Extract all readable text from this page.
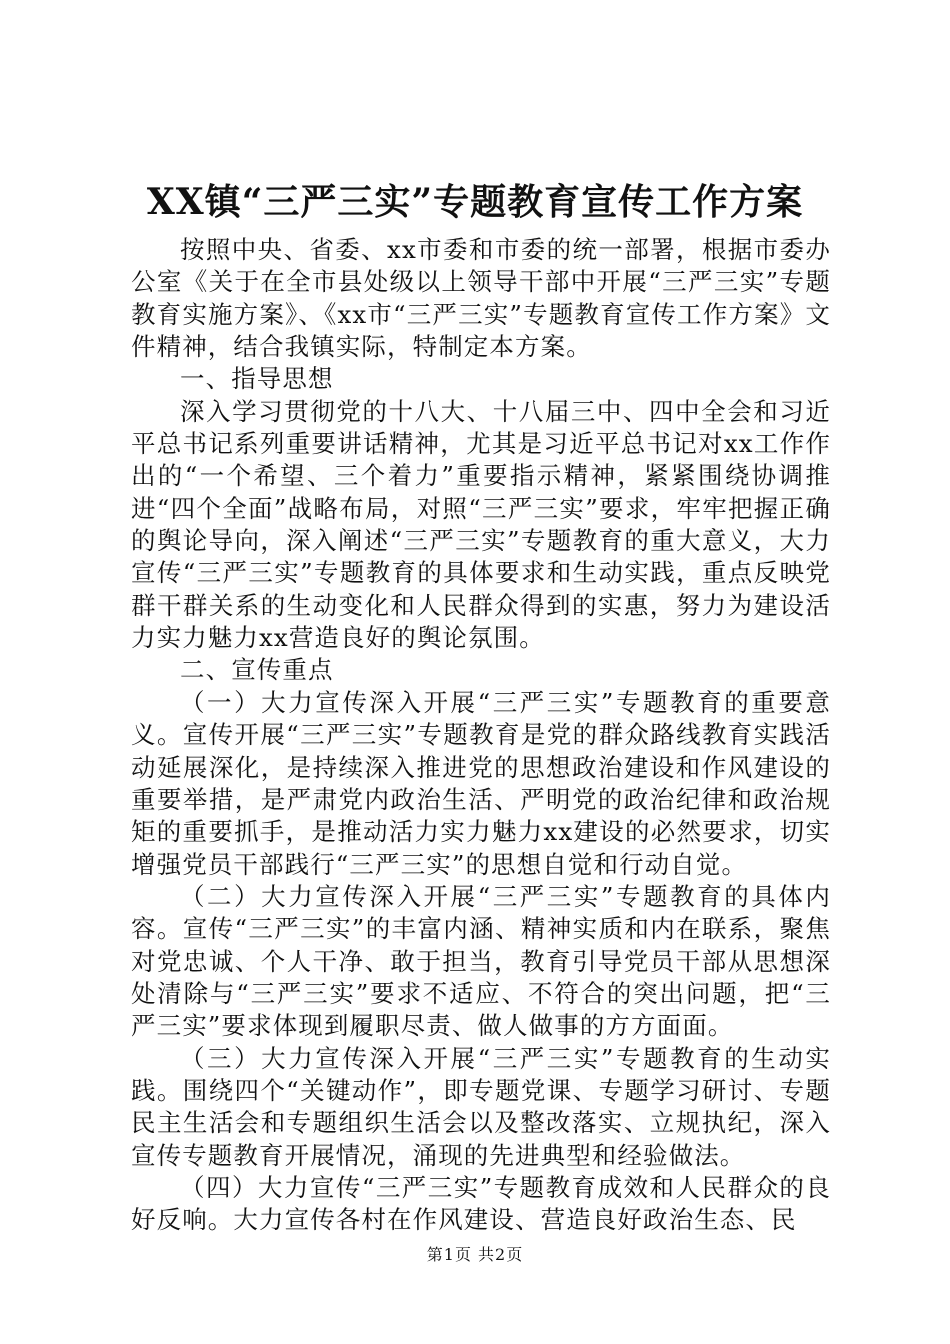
XX镇“三严三实”专题教育宣传工作方案

按照中央、省委、xx市委和市委的统一部署，根据市委办公室《关于在全市县处级以上领导干部中开展“三严三实”专题教育实施方案》、《xx市“三严三实”专题教育宣传工作方案》文件精神，结合我镇实际，特制定本方案。

一、指导思想

深入学习贯彻党的十八大、十八届三中、四中全会和习近平总书记系列重要讲话精神，尤其是习近平总书记对xx工作作出的“一个希望、三个着力”重要指示精神，紧紧围绕协调推进“四个全面”战略布局，对照“三严三实”要求，牢牢把握正确的舆论导向，深入阐述“三严三实”专题教育的重大意义，大力宣传“三严三实”专题教育的具体要求和生动实践，重点反映党群干群关系的生动变化和人民群众得到的实惠，努力为建设活力实力魅力xx营造良好的舆论氛围。

二、宣传重点

（一）大力宣传深入开展“三严三实”专题教育的重要意义。宣传开展“三严三实”专题教育是党的群众路线教育实践活动延展深化，是持续深入推进党的思想政治建设和作风建设的重要举措，是严肃党内政治生活、严明党的政治纪律和政治规矩的重要抓手，是推动活力实力魅力xx建设的必然要求，切实增强党员干部践行“三严三实”的思想自觉和行动自觉。

（二）大力宣传深入开展“三严三实”专题教育的具体内容。宣传“三严三实”的丰富内涵、精神实质和内在联系，聚焦对党忠诚、个人干净、敢于担当，教育引导党员干部从思想深处清除与“三严三实”要求不适应、不符合的突出问题，把“三严三实”要求体现到履职尽责、做人做事的方方面面。

（三）大力宣传深入开展“三严三实”专题教育的生动实践。围绕四个“关键动作”，即专题党课、专题学习研讨、专题民主生活会和专题组织生活会以及整改落实、立规执纪，深入宣传专题教育开展情况，涌现的先进典型和经验做法。

（四）大力宣传“三严三实”专题教育成效和人民群众的良好反响。大力宣传各村在作风建设、营造良好政治生态、民

第1页 共2页
